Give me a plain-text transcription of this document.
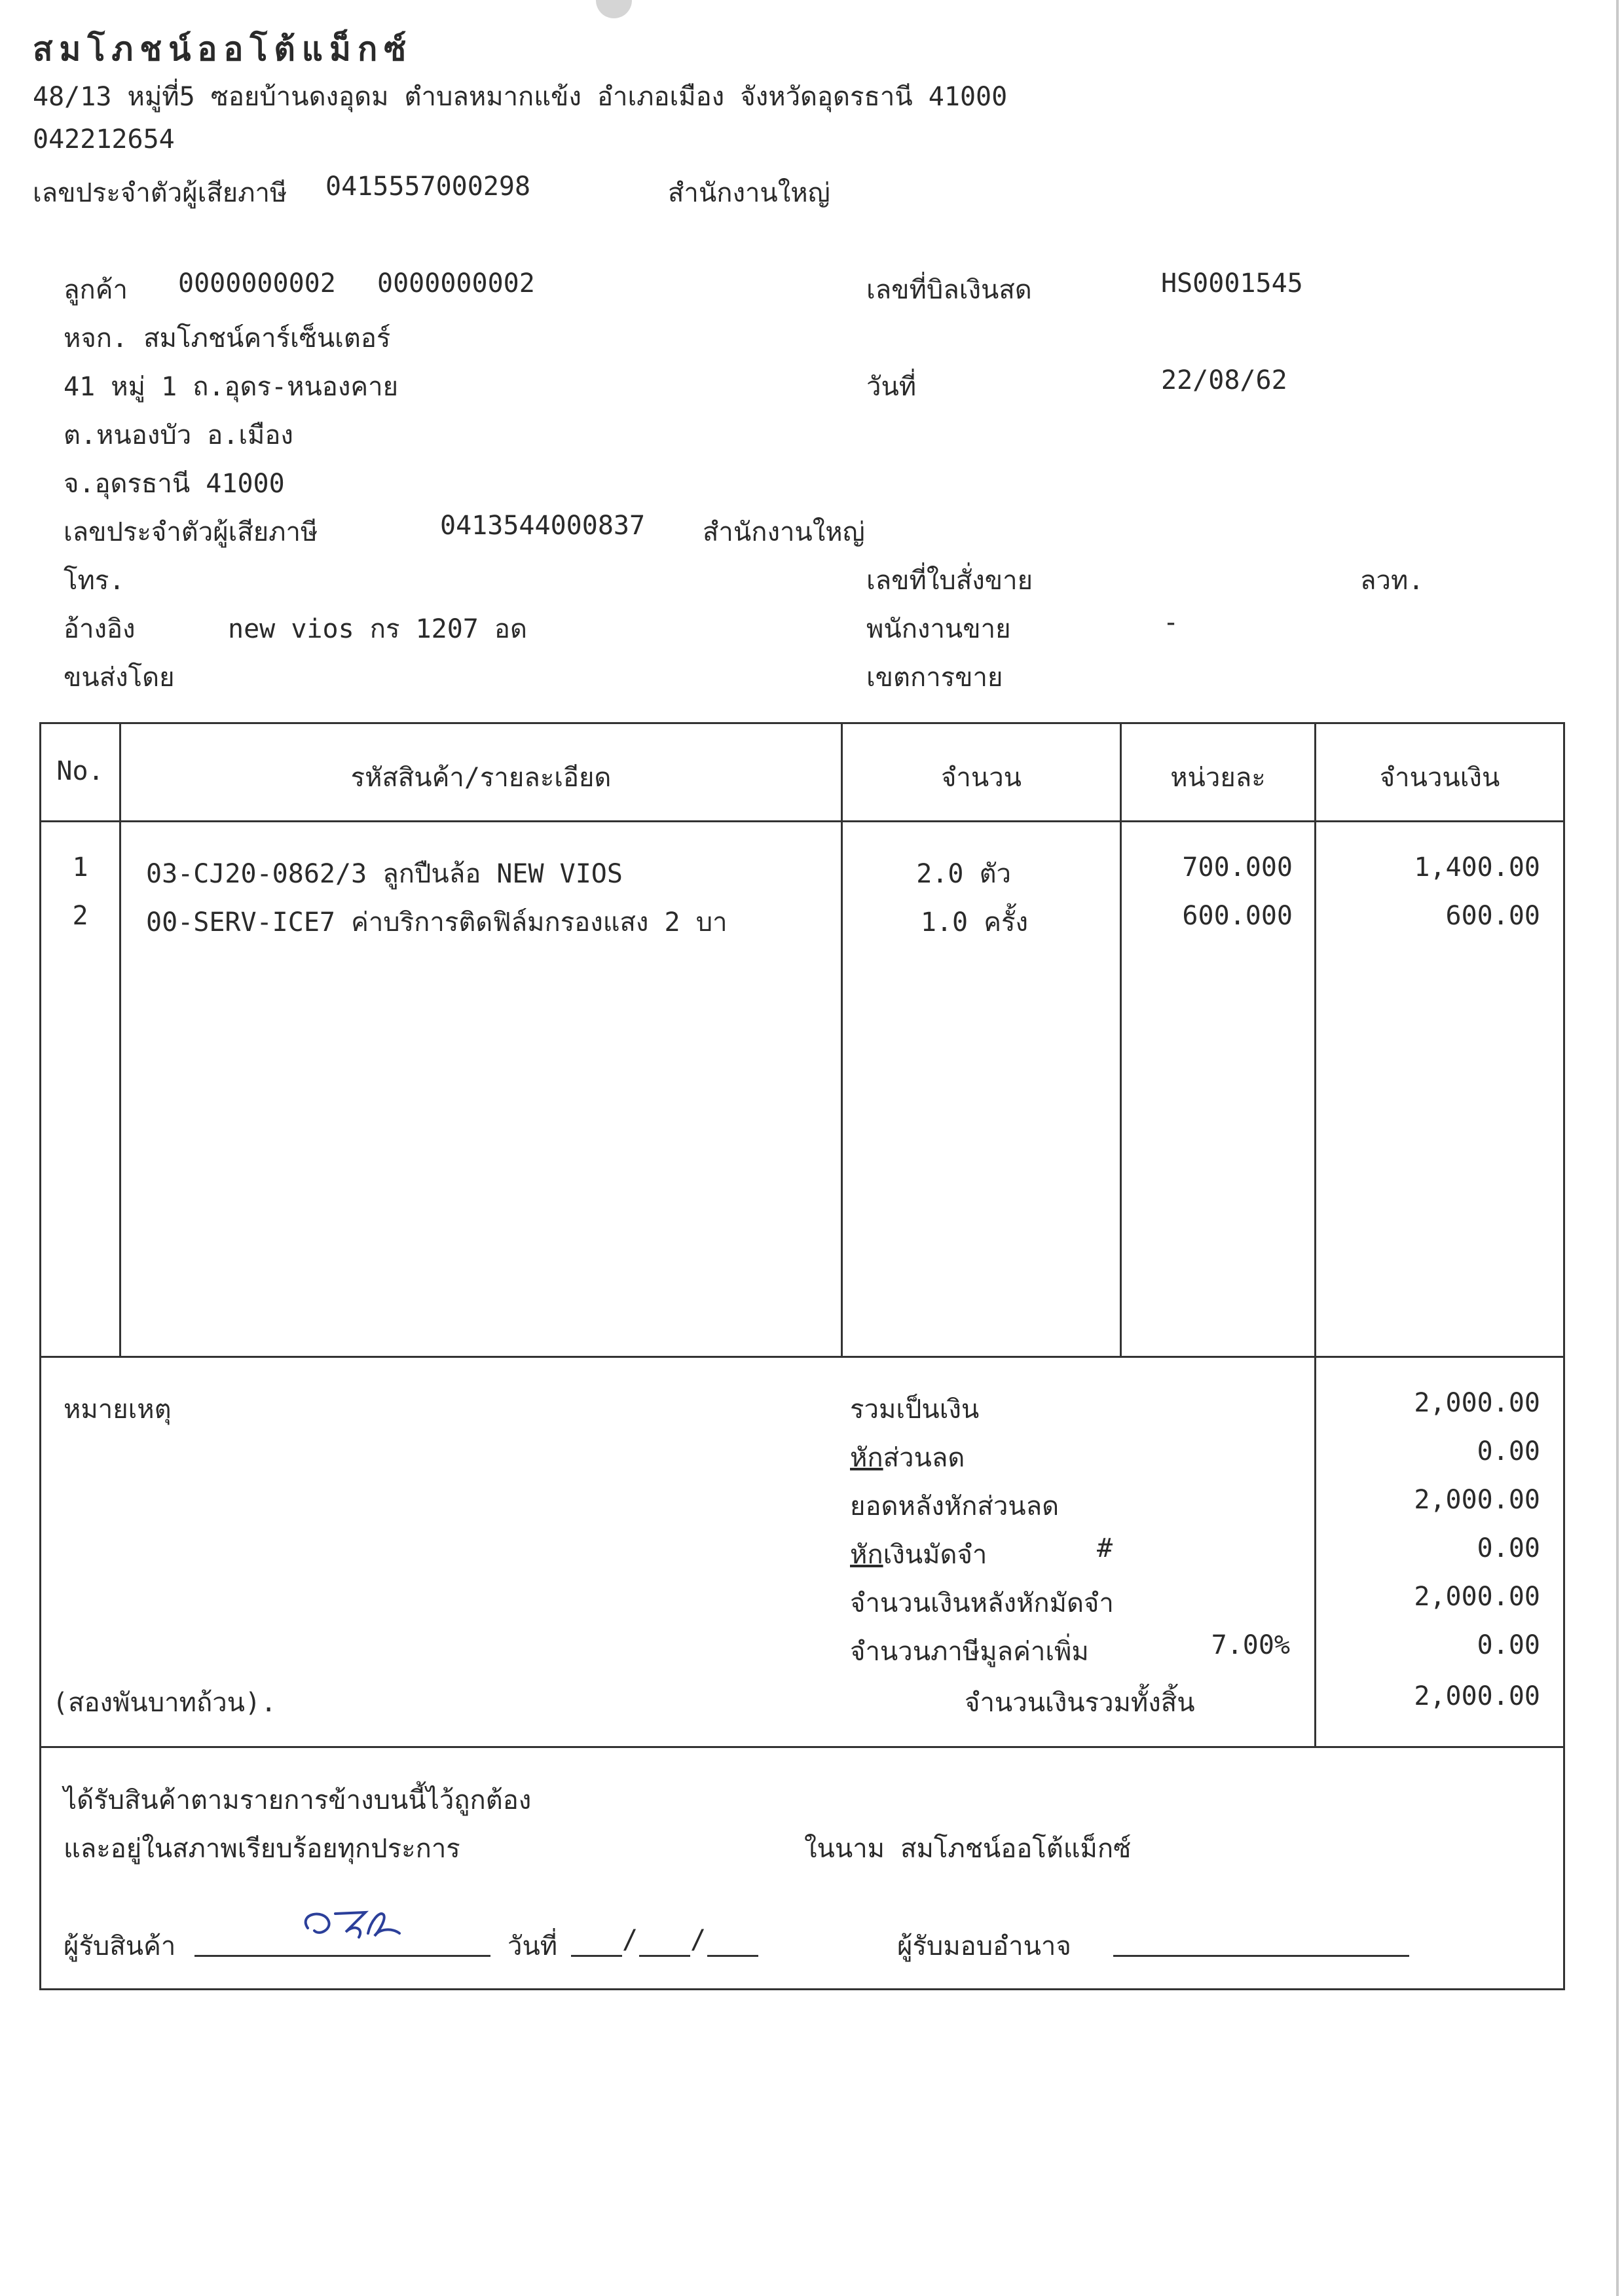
สมโภชน์ออโต้แม็กซ์
48/13 หมู่ที่5 ซอยบ้านดงอุดม ตำบลหมากแข้ง อำเภอเมือง จังหวัดอุดรธานี 41000
042212654
เลขประจำตัวผู้เสียภาษี 0415557000298	สำนักงานใหญ่
ลูกค้า 0000000002 0000000002
หจก. สมโภชน์คาร์เซ็นเตอร์
41 หมู่ 1 ถ.อุดร-หนองคาย
ต.หนองบัว อ.เมือง
จ.อุดรธานี 41000
เลขประจำตัวผู้เสียภาษี	0413544000837 สำนักงานใหญ่
โทร.
อ้างอิง	new vios กร 1207 อด
ขนส่งโดย
เลขที่บิลเงินสด	HS0001545
วันที่	22/08/62
เลขที่ใบสั่งขาย	ลวท.
พนักงานขาย	-
เขตการขาย
No.	รหัสสินค้า/รายละเอียด	จำนวน	หน่วยละ	จำนวนเงิน
1	03-CJ20-0862/3 ลูกปืนล้อ NEW VIOS	2.0 ตัว	700.000	1,400.00
2	00-SERV-ICE7 ค่าบริการติดฟิล์มกรองแสง 2 บา	1.0 ครั้ง	600.000	600.00
หมายเหตุ
(สองพันบาทถ้วน).
รวมเป็นเงิน	2,000.00
หักส่วนลด	0.00
ยอดหลังหักส่วนลด	2,000.00
หักเงินมัดจำ	#	0.00
จำนวนเงินหลังหักมัดจำ	2,000.00
จำนวนภาษีมูลค่าเพิ่ม	7.00%	0.00
จำนวนเงินรวมทั้งสิ้น	2,000.00
ได้รับสินค้าตามรายการข้างบนนี้ไว้ถูกต้อง
และอยู่ในสภาพเรียบร้อยทุกประการ	ในนาม สมโภชน์ออโต้แม็กซ์
ผู้รับสินค้า	วันที่ / /	ผู้รับมอบอำนาจ
